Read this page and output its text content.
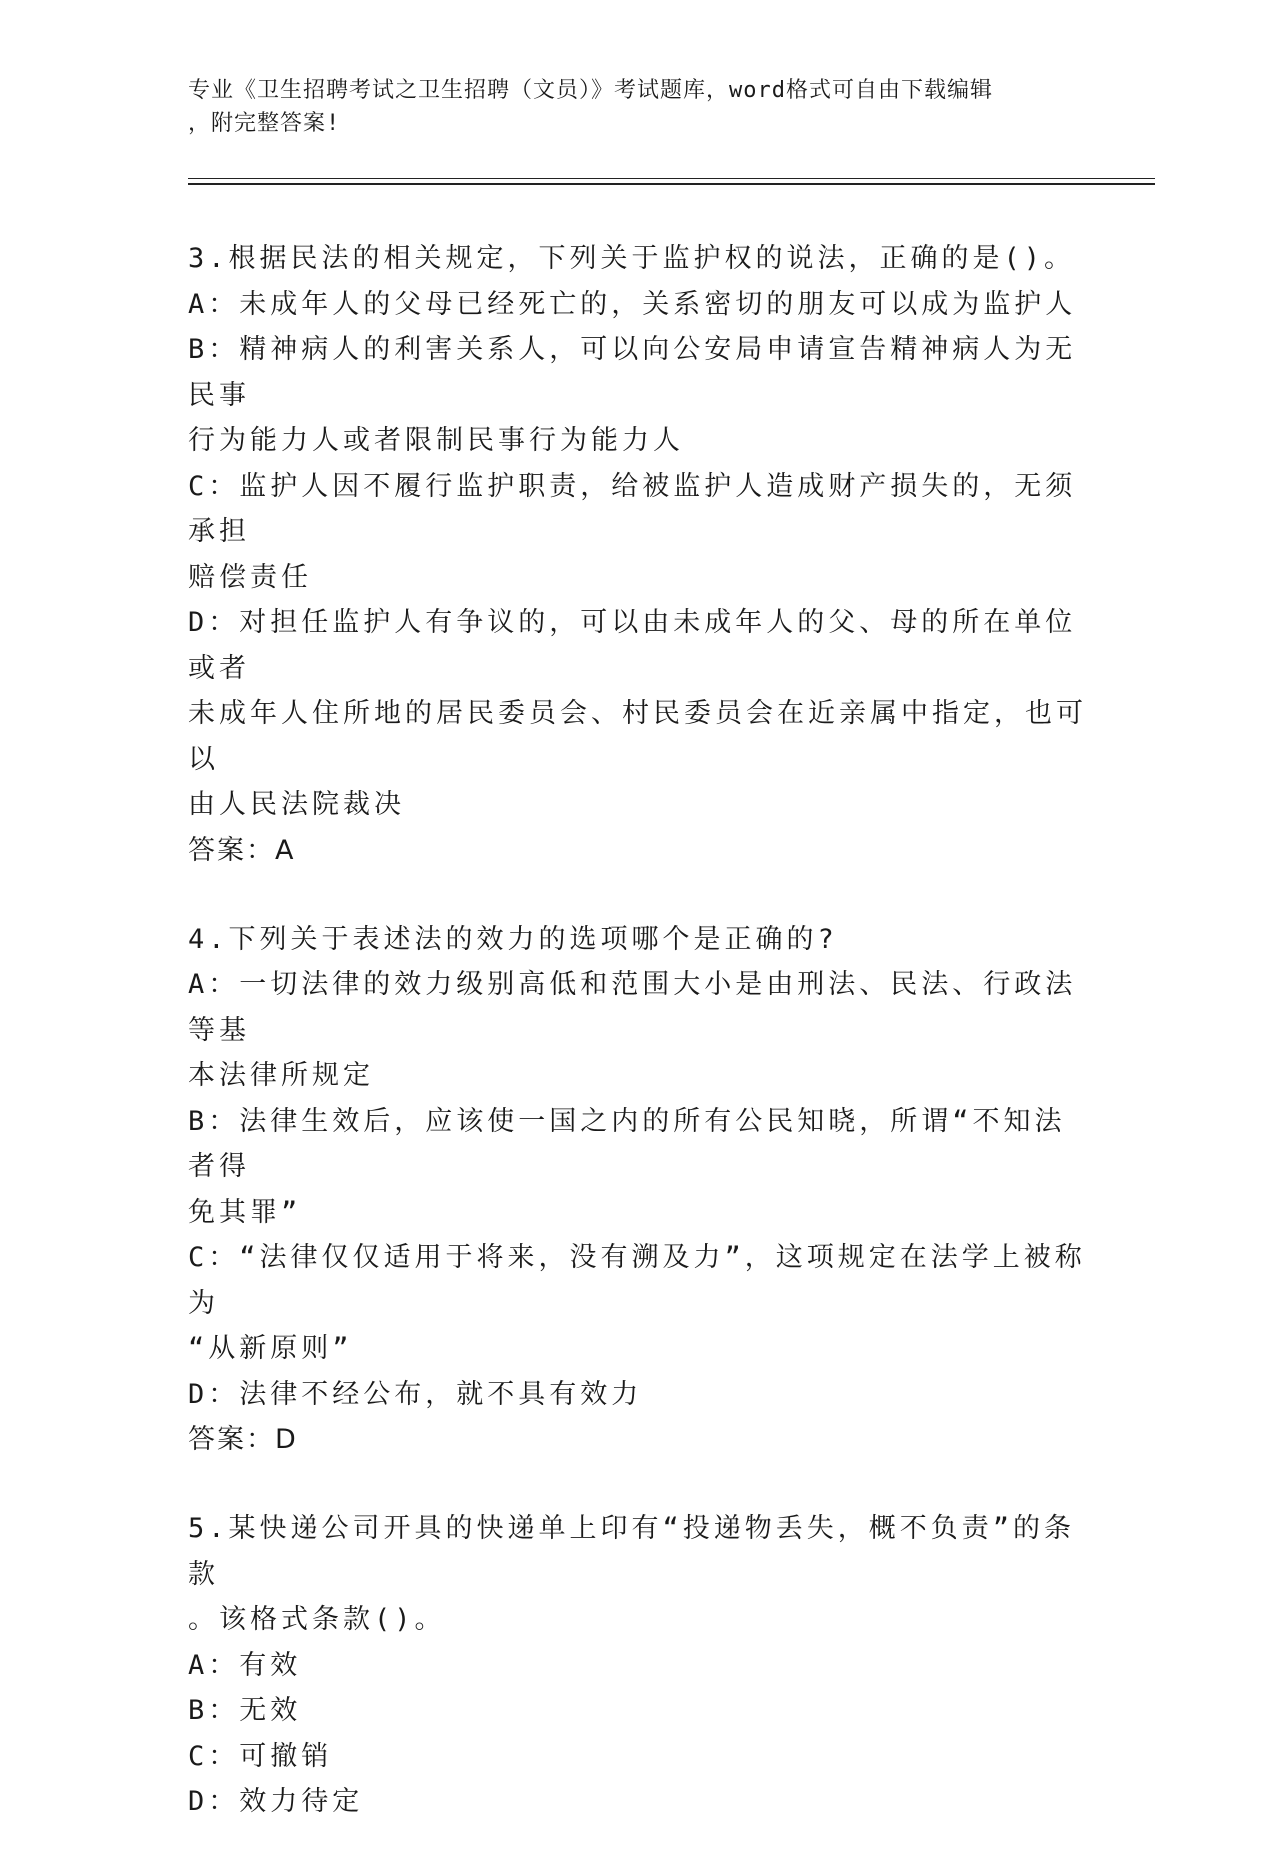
专业《卫生招聘考试之卫生招聘（文员）》考试题库，word格式可自由下载编辑
，附完整答案!
3.根据民法的相关规定，下列关于监护权的说法，正确的是()。
A：未成年人的父母已经死亡的，关系密切的朋友可以成为监护人
B：精神病人的利害关系人，可以向公安局申请宣告精神病人为无民事
行为能力人或者限制民事行为能力人
C：监护人因不履行监护职责，给被监护人造成财产损失的，无须承担
赔偿责任
D：对担任监护人有争议的，可以由未成年人的父、母的所在单位或者
未成年人住所地的居民委员会、村民委员会在近亲属中指定，也可以
由人民法院裁决
答案：A
4.下列关于表述法的效力的选项哪个是正确的?
A：一切法律的效力级别高低和范围大小是由刑法、民法、行政法等基
本法律所规定
B：法律生效后，应该使一国之内的所有公民知晓，所谓“不知法者得
免其罪”
C：“法律仅仅适用于将来，没有溯及力”，这项规定在法学上被称为
“从新原则”
D：法律不经公布，就不具有效力
答案：D
5.某快递公司开具的快递单上印有“投递物丢失，概不负责”的条款
。该格式条款()。
A：有效
B：无效
C：可撤销
D：效力待定
